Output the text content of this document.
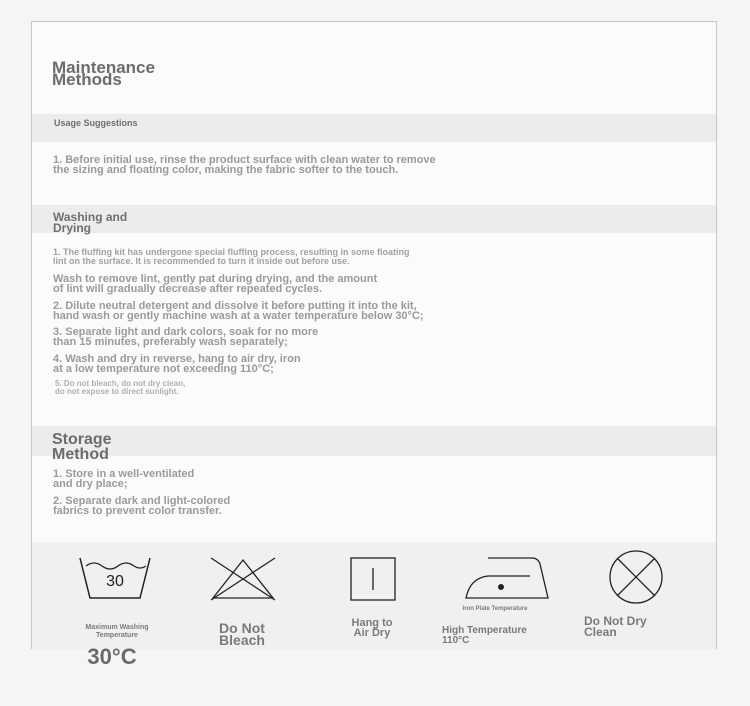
Maintenance
Methods
Usage Suggestions
1. Before initial use, rinse the product surface with clean water to remove
the sizing and floating color, making the fabric softer to the touch.
Washing and
Drying
1. The fluffing kit has undergone special fluffing process, resulting in some floating
lint on the surface. It is recommended to turn it inside out before use.
Wash to remove lint, gently pat during drying, and the amount
of lint will gradually decrease after repeated cycles.
2. Dilute neutral detergent and dissolve it before putting it into the kit,
hand wash or gently machine wash at a water temperature below 30°C;
3. Separate light and dark colors, soak for no more
than 15 minutes, preferably wash separately;
4. Wash and dry in reverse, hang to air dry, iron
at a low temperature not exceeding 110°C;
5. Do not bleach, do not dry clean,
do not expose to direct sunlight.
Storage
Method
1. Store in a well-ventilated
and dry place;
2. Separate dark and light-colored
fabrics to prevent color transfer.
30
Maximum Washing
Temperature
30°C
Do Not
Bleach
Hang to
Air Dry
Iron Plate Temperature
High Temperature
110°C
Do Not Dry
Clean
